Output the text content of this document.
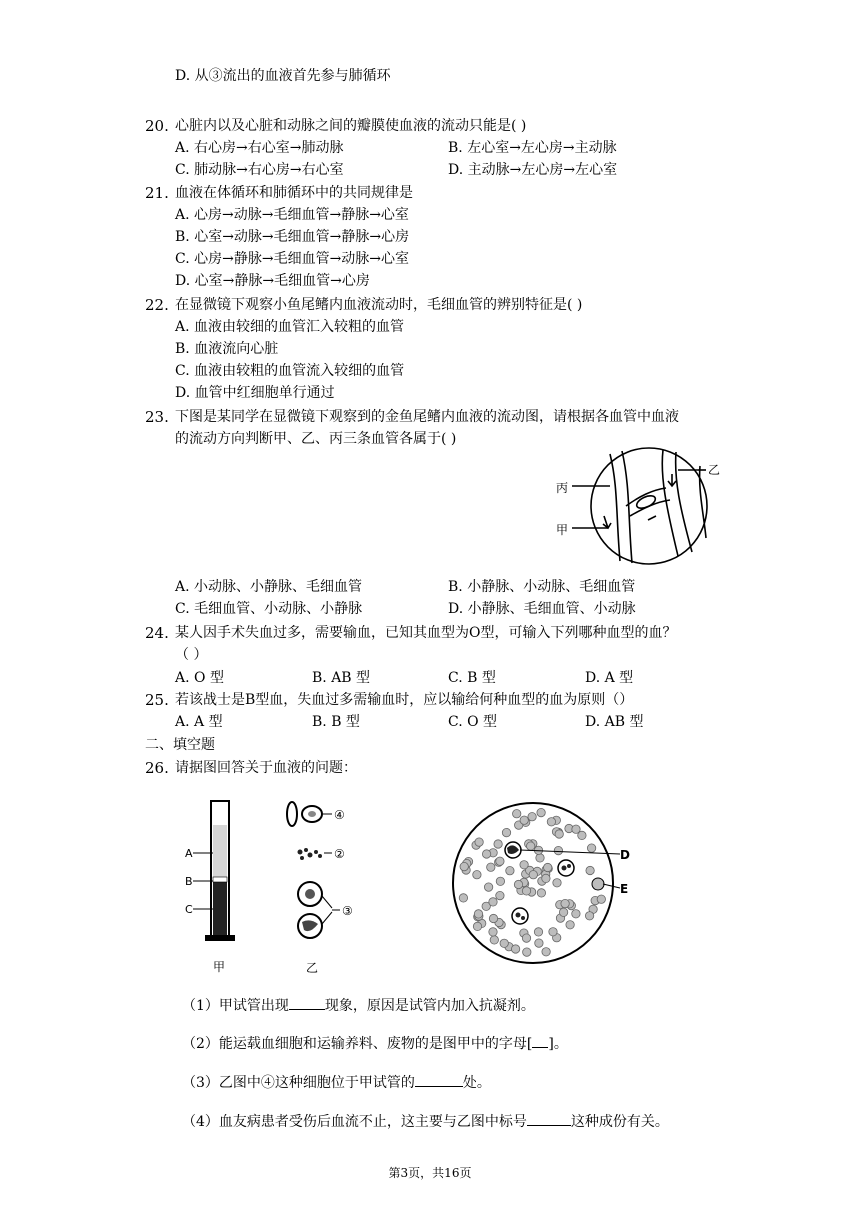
D. 从③流出的血液首先参与肺循环
20. 心脏内以及心脏和动脉之间的瓣膜使血液的流动只能是( )
A. 右心房→右心室→肺动脉	B. 左心室→左心房→主动脉
C. 肺动脉→右心房→右心室	D. 主动脉→左心房→左心室
21. 血液在体循环和肺循环中的共同规律是
A. 心房→动脉→毛细血管→静脉→心室
B. 心室→动脉→毛细血管→静脉→心房
C. 心房→静脉→毛细血管→动脉→心室
D. 心室→静脉→毛细血管→心房
22. 在显微镜下观察小鱼尾鳍内血液流动时，毛细血管的辨别特征是( )
A. 血液由较细的血管汇入较粗的血管
B. 血液流向心脏
C. 血液由较粗的血管流入较细的血管
D. 血管中红细胞单行通过
23. 下图是某同学在显微镜下观察到的金鱼尾鳍内血液的流动图，请根据各血管中血液
的流动方向判断甲、乙、丙三条血管各属于( )
丙
乙
甲
A. 小动脉、小静脉、毛细血管	B. 小静脉、小动脉、毛细血管
C. 毛细血管、小动脉、小静脉	D. 小静脉、毛细血管、小动脉
24. 某人因手术失血过多，需要输血，已知其血型为O型，可输入下列哪种血型的血？
（ ）
A. O 型	B. AB 型	C. B 型	D. A 型
25. 若该战士是B型血，失血过多需输血时，应以输给何种血型的血为原则（）
A. A 型	B. B 型	C. O 型	D. AB 型
二、填空题
26. 请据图回答关于血液的问题：
A
B
C
甲
④
②
③
乙
D
E
（1）甲试管出现	现象，原因是试管内加入抗凝剂。
（2）能运载血细胞和运输养料、废物的是图甲中的字母[ ]。
（3）乙图中④这种细胞位于甲试管的	处。
（4）血友病患者受伤后血流不止，这主要与乙图中标号	这种成份有关。
第3页，共16页
